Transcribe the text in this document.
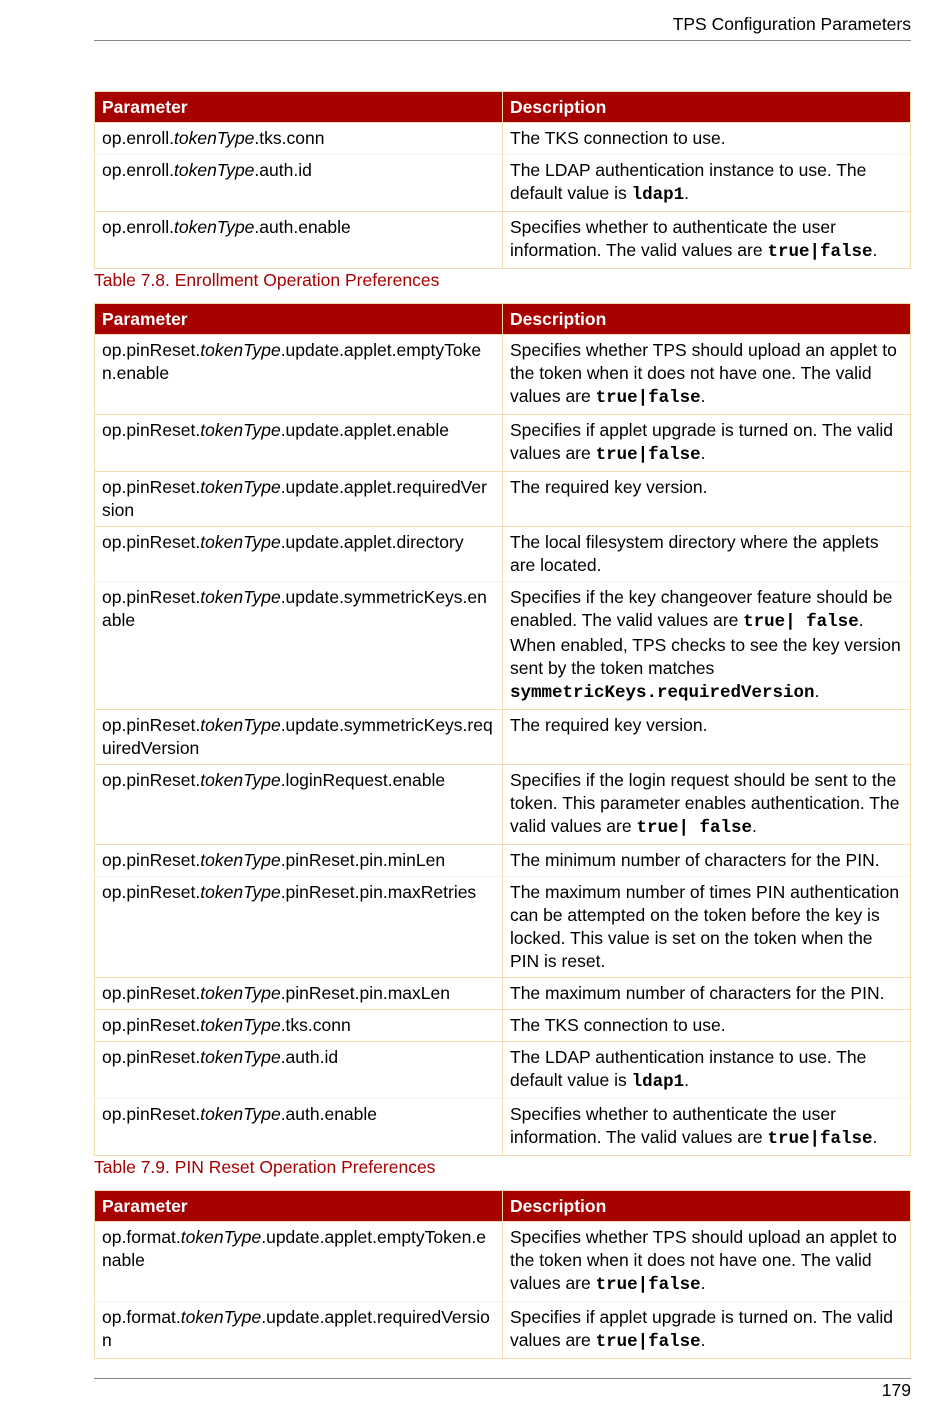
TPS Configuration Parameters
Parameter	Description
op.enroll.tokenType.tks.conn	The TKS connection to use.
op.enroll.tokenType.auth.id	The LDAP authentication instance to use. The default value is ldap1.
op.enroll.tokenType.auth.enable	Specifies whether to authenticate the user information. The valid values are true|false.
Table 7.8. Enrollment Operation Preferences
Parameter	Description
op.pinReset.tokenType.update.applet.emptyToken.enable	Specifies whether TPS should upload an applet to the token when it does not have one. The valid values are true|false.
op.pinReset.tokenType.update.applet.enable	Specifies if applet upgrade is turned on. The valid values are true|false.
op.pinReset.tokenType.update.applet.requiredVersion	The required key version.
op.pinReset.tokenType.update.applet.directory	The local filesystem directory where the applets are located.
op.pinReset.tokenType.update.symmetricKeys.enable	Specifies if the key changeover feature should be enabled. The valid values are true| false. When enabled, TPS checks to see the key version sent by the token matches symmetricKeys.requiredVersion.
op.pinReset.tokenType.update.symmetricKeys.requiredVersion	The required key version.
op.pinReset.tokenType.loginRequest.enable	Specifies if the login request should be sent to the token. This parameter enables authentication. The valid values are true| false.
op.pinReset.tokenType.pinReset.pin.minLen	The minimum number of characters for the PIN.
op.pinReset.tokenType.pinReset.pin.maxRetries	The maximum number of times PIN authentication can be attempted on the token before the key is locked. This value is set on the token when the PIN is reset.
op.pinReset.tokenType.pinReset.pin.maxLen	The maximum number of characters for the PIN.
op.pinReset.tokenType.tks.conn	The TKS connection to use.
op.pinReset.tokenType.auth.id	The LDAP authentication instance to use. The default value is ldap1.
op.pinReset.tokenType.auth.enable	Specifies whether to authenticate the user information. The valid values are true|false.
Table 7.9. PIN Reset Operation Preferences
Parameter	Description
op.format.tokenType.update.applet.emptyToken.enable	Specifies whether TPS should upload an applet to the token when it does not have one. The valid values are true|false.
op.format.tokenType.update.applet.requiredVersion	Specifies if applet upgrade is turned on. The valid values are true|false.
179
